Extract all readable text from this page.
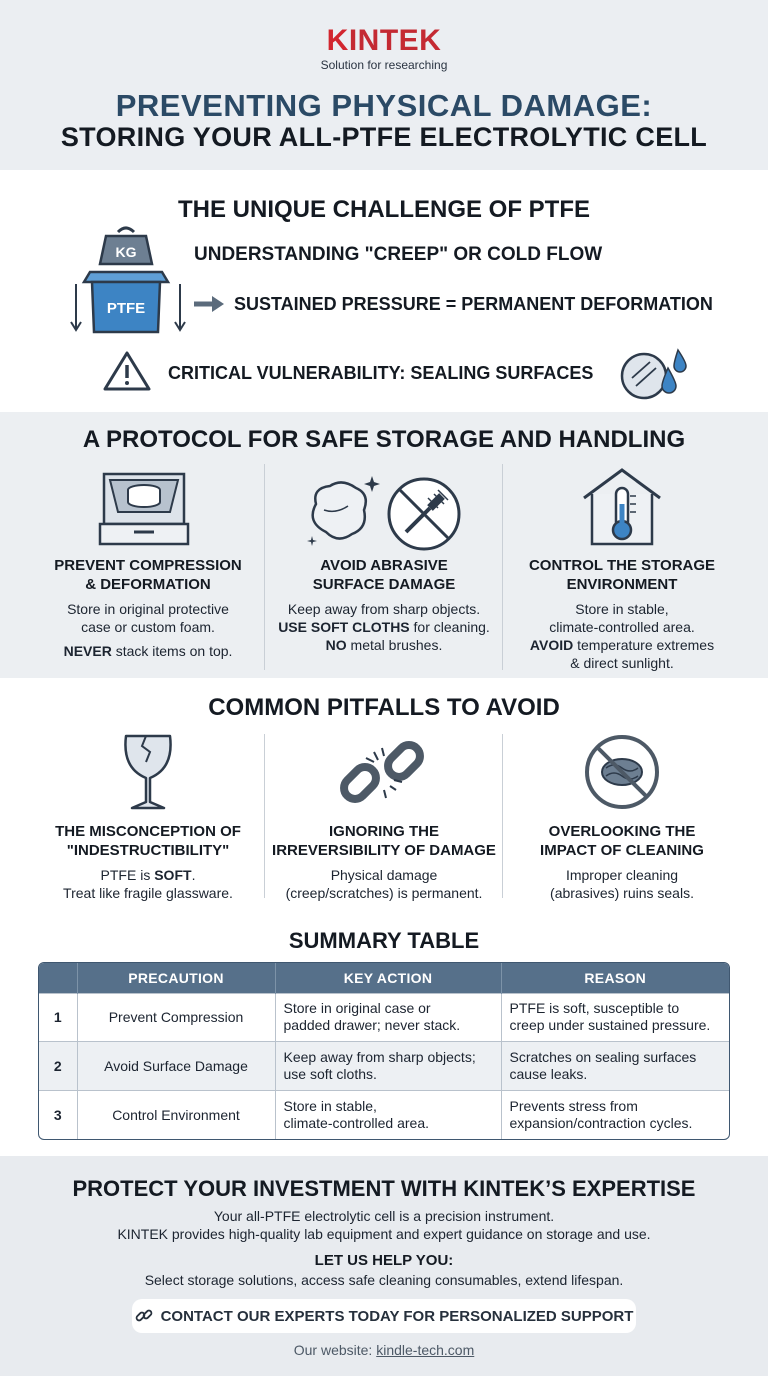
KINTEK
Solution for researching
PREVENTING PHYSICAL DAMAGE:
STORING YOUR ALL-PTFE ELECTROLYTIC CELL
THE UNIQUE CHALLENGE OF PTFE
KG
PTFE
UNDERSTANDING "CREEP" OR COLD FLOW
SUSTAINED PRESSURE = PERMANENT DEFORMATION
CRITICAL VULNERABILITY: SEALING SURFACES
A PROTOCOL FOR SAFE STORAGE AND HANDLING
PREVENT COMPRESSION
& DEFORMATION
Store in original protective
case or custom foam.
NEVER stack items on top.
AVOID ABRASIVE
SURFACE DAMAGE
Keep away from sharp objects.
USE SOFT CLOTHS for cleaning.
NO metal brushes.
CONTROL THE STORAGE
ENVIRONMENT
Store in stable,
climate-controlled area.
AVOID temperature extremes
& direct sunlight.
COMMON PITFALLS TO AVOID
THE MISCONCEPTION OF
"INDESTRUCTIBILITY"
PTFE is SOFT.
Treat like fragile glassware.
IGNORING THE
IRREVERSIBILITY OF DAMAGE
Physical damage
(creep/scratches) is permanent.
OVERLOOKING THE
IMPACT OF CLEANING
Improper cleaning
(abrasives) ruins seals.
SUMMARY TABLE
	PRECAUTION	KEY ACTION	REASON
1	Prevent Compression	Store in original case or
padded drawer; never stack.	PTFE is soft, susceptible to
creep under sustained pressure.
2	Avoid Surface Damage	Keep away from sharp objects;
use soft cloths.	Scratches on sealing surfaces
cause leaks.
3	Control Environment	Store in stable,
climate-controlled area.	Prevents stress from
expansion/contraction cycles.
PROTECT YOUR INVESTMENT WITH KINTEK’S EXPERTISE
Your all-PTFE electrolytic cell is a precision instrument.
KINTEK provides high-quality lab equipment and expert guidance on storage and use.
LET US HELP YOU:
Select storage solutions, access safe cleaning consumables, extend lifespan.
CONTACT OUR EXPERTS TODAY FOR PERSONALIZED SUPPORT
Our website: kindle-tech.com
